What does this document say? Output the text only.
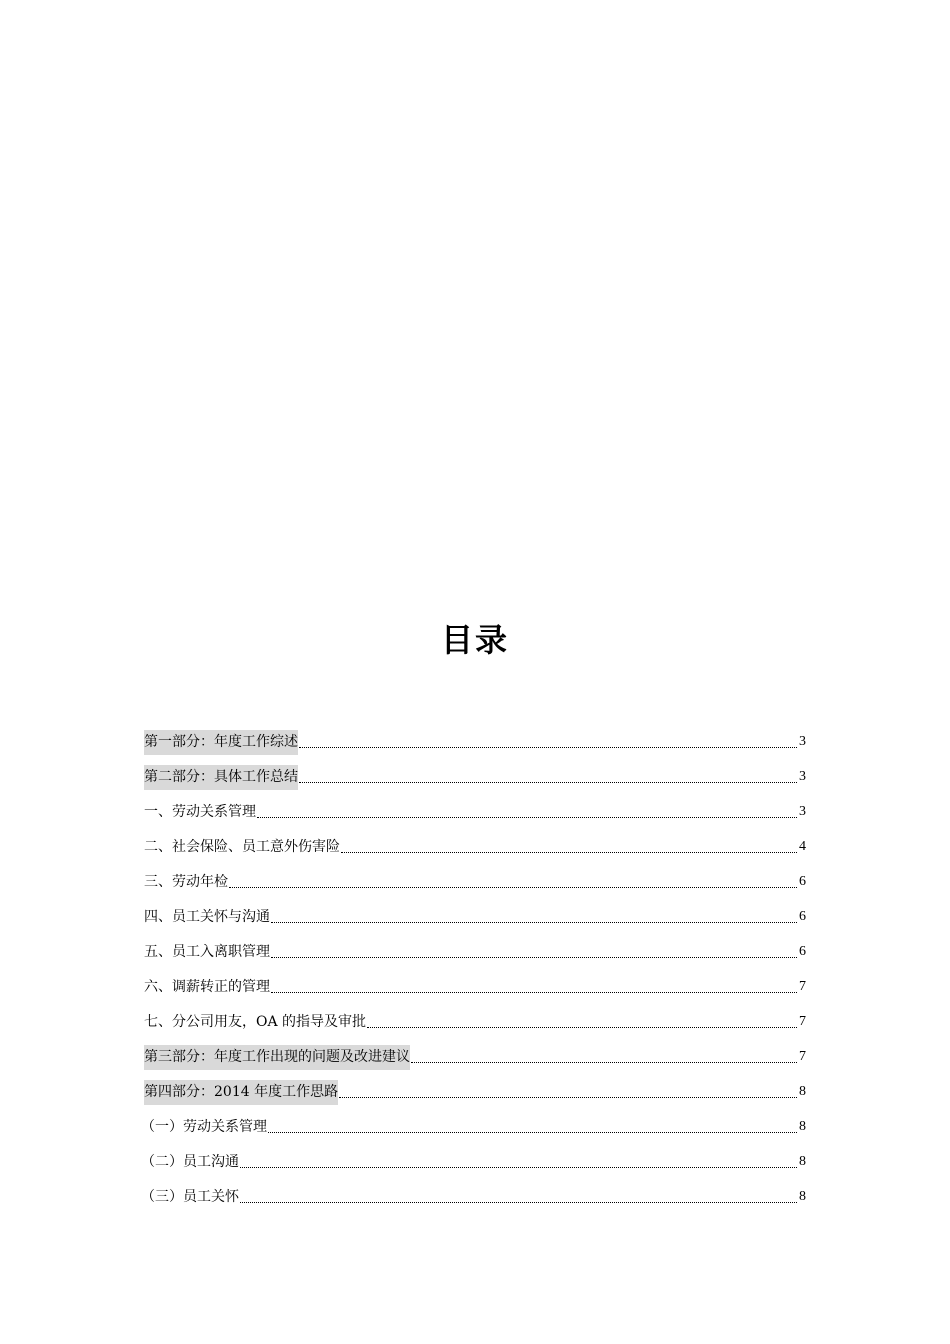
目录
第一部分：年度工作综述	3
第二部分：具体工作总结	3
一、劳动关系管理	3
二、社会保险、员工意外伤害险	4
三、劳动年检	6
四、员工关怀与沟通	6
五、员工入离职管理	6
六、调薪转正的管理	7
七、分公司用友，OA 的指导及审批	7
第三部分：年度工作出现的问题及改进建议	7
第四部分：2014 年度工作思路	8
（一）劳动关系管理	8
（二）员工沟通	8
（三）员工关怀	8
